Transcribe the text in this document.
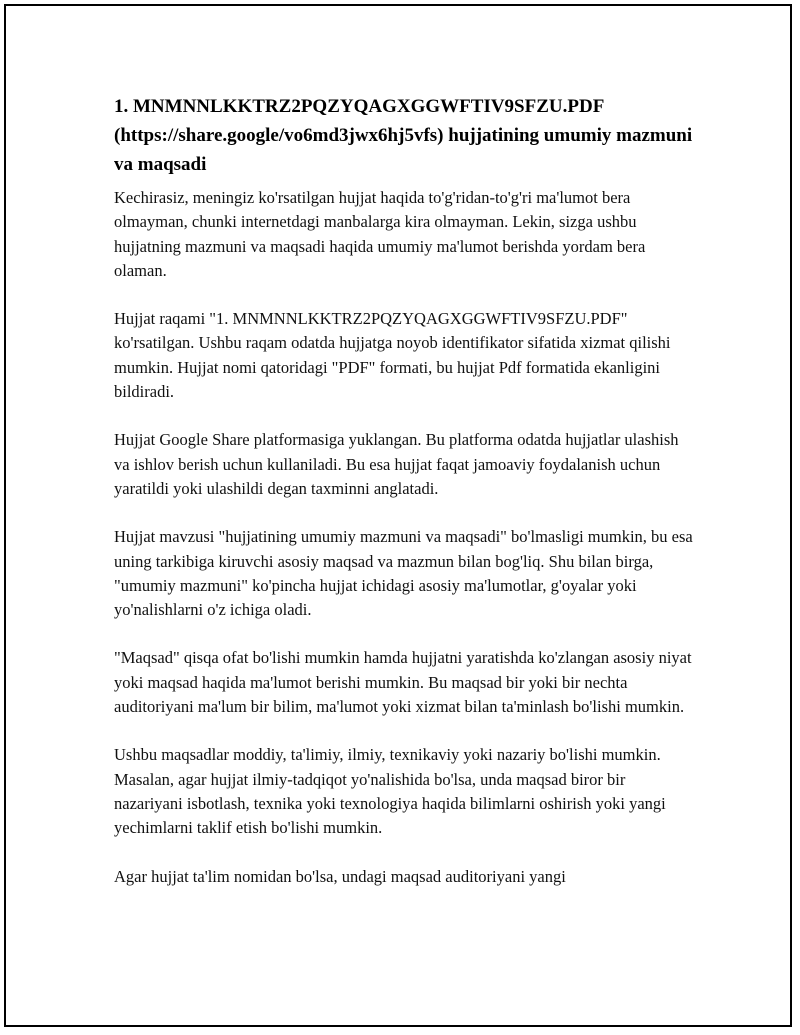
1. MNMNNLKKTRZ2PQZYQAGXGGWFTIV9SFZU.PDF (https://share.google/vo6md3jwx6hj5vfs) hujjatining umumiy mazmuni va maqsadi

Kechirasiz, meningiz ko'rsatilgan hujjat haqida to'g'ridan-to'g'ri ma'lumot bera olmayman, chunki internetdagi manbalarga kira olmayman. Lekin, sizga ushbu hujjatning mazmuni va maqsadi haqida umumiy ma'lumot berishda yordam bera olaman.

Hujjat raqami "1. MNMNNLKKTRZ2PQZYQAGXGGWFTIV9SFZU.PDF" ko'rsatilgan. Ushbu raqam odatda hujjatga noyob identifikator sifatida xizmat qilishi mumkin. Hujjat nomi qatoridagi "PDF" formati, bu hujjat Pdf formatida ekanligini bildiradi.

Hujjat Google Share platformasiga yuklangan. Bu platforma odatda hujjatlar ulashish va ishlov berish uchun kullaniladi. Bu esa hujjat faqat jamoaviy foydalanish uchun yaratildi yoki ulashildi degan taxminni anglatadi.

Hujjat mavzusi "hujjatining umumiy mazmuni va maqsadi" bo'lmasligi mumkin, bu esa uning tarkibiga kiruvchi asosiy maqsad va mazmun bilan bog'liq. Shu bilan birga, "umumiy mazmuni" ko'pincha hujjat ichidagi asosiy ma'lumotlar, g'oyalar yoki yo'nalishlarni o'z ichiga oladi.

"Maqsad" qisqa ofat bo'lishi mumkin hamda hujjatni yaratishda ko'zlangan asosiy niyat yoki maqsad haqida ma'lumot berishi mumkin. Bu maqsad bir yoki bir nechta auditoriyani ma'lum bir bilim, ma'lumot yoki xizmat bilan ta'minlash bo'lishi mumkin.

Ushbu maqsadlar moddiy, ta'limiy, ilmiy, texnikaviy yoki nazariy bo'lishi mumkin. Masalan, agar hujjat ilmiy-tadqiqot yo'nalishida bo'lsa, unda maqsad biror bir nazariyani isbotlash, texnika yoki texnologiya haqida bilimlarni oshirish yoki yangi yechimlarni taklif etish bo'lishi mumkin.

Agar hujjat ta'lim nomidan bo'lsa, undagi maqsad auditoriyani yangi
